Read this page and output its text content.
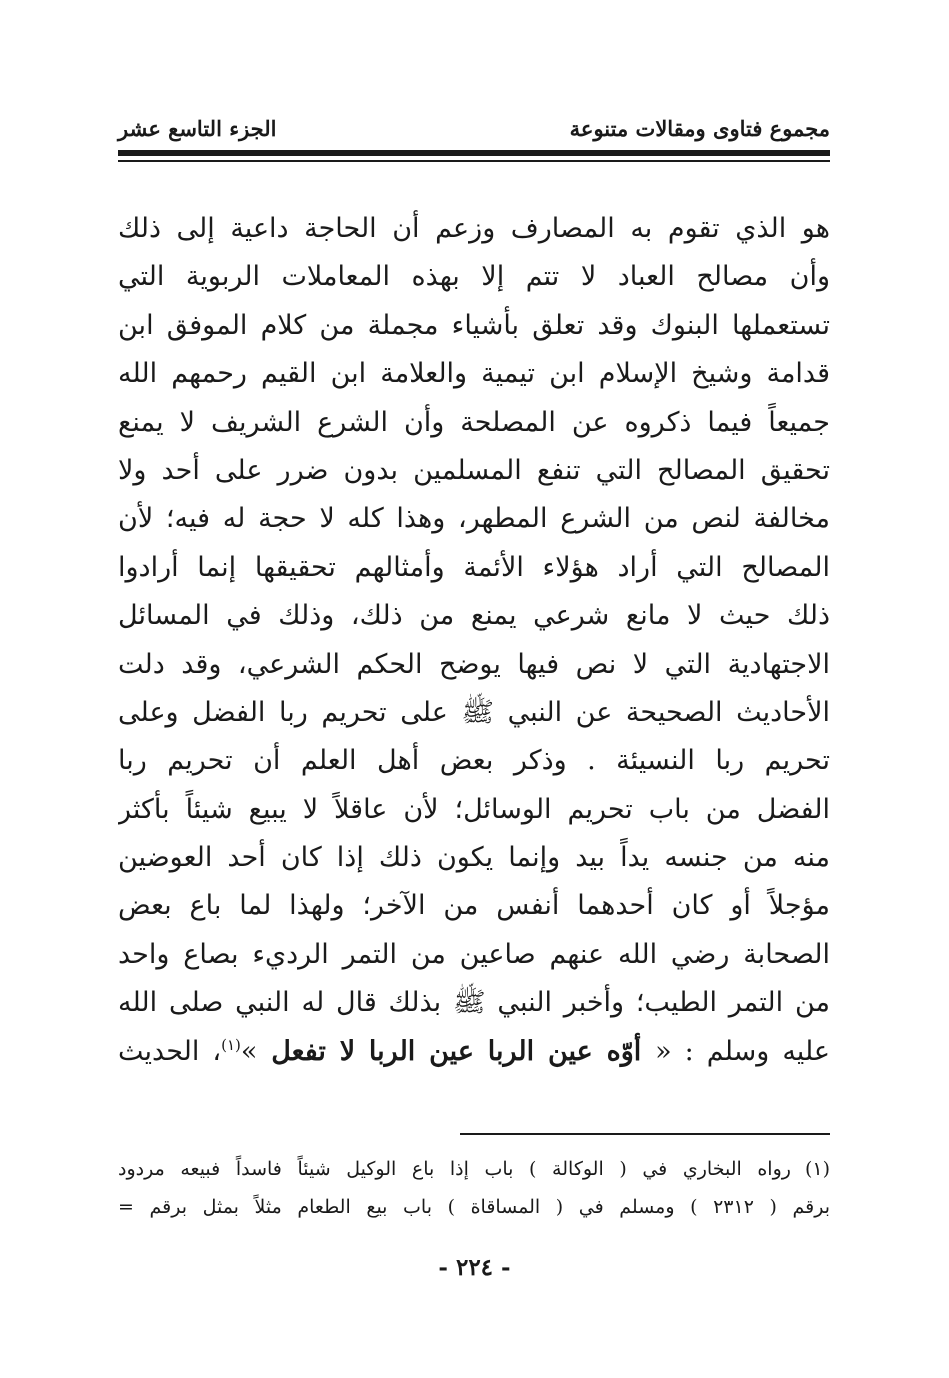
مجموع فتاوى ومقالات متنوعة
الجزء التاسع عشر
هو الذي تقوم به المصارف وزعم أن الحاجة داعية إلى ذلك
وأن مصالح العباد لا تتم إلا بهذه المعاملات الربوية التي
تستعملها البنوك وقد تعلق بأشياء مجملة من كلام الموفق ابن
قدامة وشيخ الإسلام ابن تيمية والعلامة ابن القيم رحمهم الله
جميعاً فيما ذكروه عن المصلحة وأن الشرع الشريف لا يمنع
تحقيق المصالح التي تنفع المسلمين بدون ضرر على أحد ولا
مخالفة لنص من الشرع المطهر، وهذا كله لا حجة له فيه؛ لأن
المصالح التي أراد هؤلاء الأئمة وأمثالهم تحقيقها إنما أرادوا
ذلك حيث لا مانع شرعي يمنع من ذلك، وذلك في المسائل
الاجتهادية التي لا نص فيها يوضح الحكم الشرعي، وقد دلت
الأحاديث الصحيحة عن النبي ﷺ على تحريم ربا الفضل وعلى
تحريم ربا النسيئة . وذكر بعض أهل العلم أن تحريم ربا
الفضل من باب تحريم الوسائل؛ لأن عاقلاً لا يبيع شيئاً بأكثر
منه من جنسه يداً بيد وإنما يكون ذلك إذا كان أحد العوضين
مؤجلاً أو كان أحدهما أنفس من الآخر؛ ولهذا لما باع بعض
الصحابة رضي الله عنهم صاعين من التمر الرديء بصاع واحد
من التمر الطيب؛ وأخبر النبي ﷺ بذلك قال له النبي صلى الله
عليه وسلم : « أوّه عين الربا عين الربا لا تفعل »$^{(١)}$، الحديث
(١)رواه البخاري في ( الوكالة ) باب إذا باع الوكيل شيئاً فاسداً فبيعه مردود
برقم ( ٢٣١٢ ) ومسلم في ( المساقاة ) باب بيع الطعام مثلاً بمثل برقم =
- ٢٢٤ -
